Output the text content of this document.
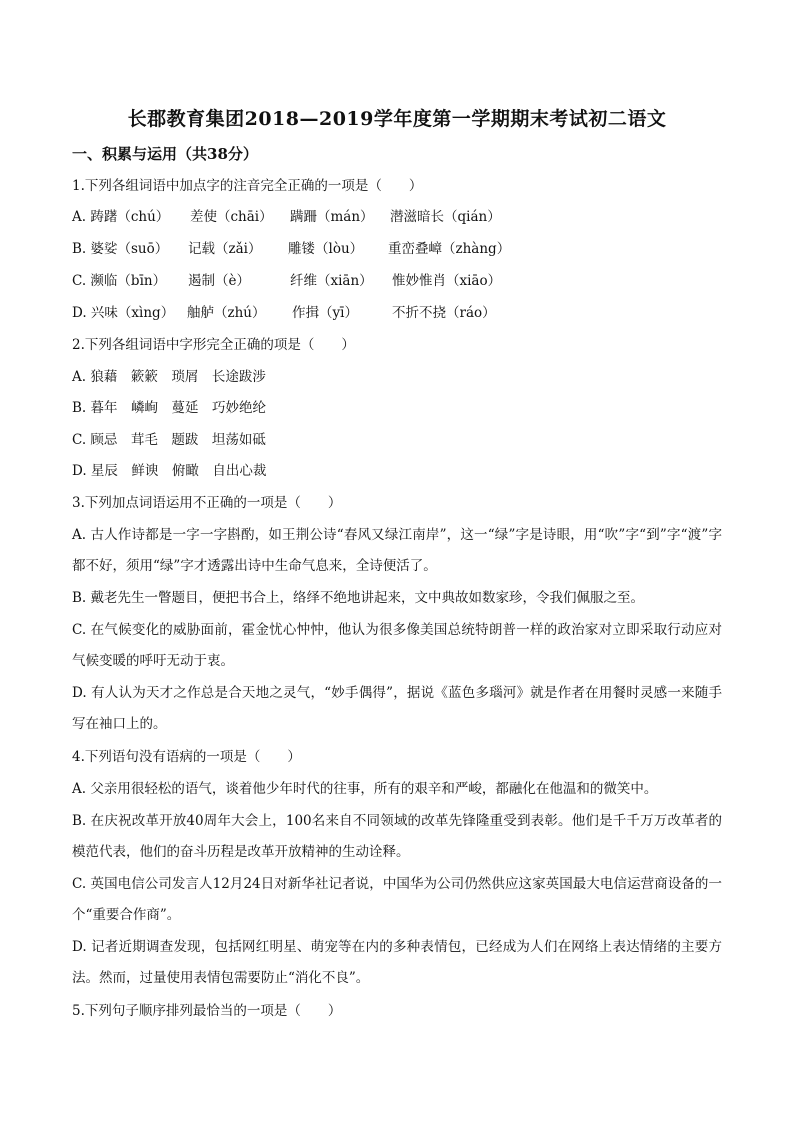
长郡教育集团2018—2019学年度第一学期期末考试初二语文
一、积累与运用（共38分）
1.下列各组词语中加点字的注音完全正确的一项是（　　）
A. 踌躇（chú） 差使（chāi） 蹒跚（mán） 潜滋暗长（qián）
B. 婆娑（suō） 记载（zǎi） 雕镂（lòu） 重峦叠嶂（zhàng）
C. 濒临（bīn） 遏制（è）	纤维（xiān） 惟妙惟肖（xiāo）
D. 兴味（xìng） 舳舻（zhú） 作揖（yī）	不折不挠（ráo）
2.下列各组词语中字形完全正确的项是（　　）
A. 狼藉　簌簌　琐屑　长途跋涉
B. 暮年　嶙峋　蔓延　巧妙绝纶
C. 顾忌　茸毛　题跋　坦荡如砥
D. 星辰　鲜谀　俯瞰　自出心裁
3.下列加点词语运用不正确的一项是（　　）
A. 古人作诗都是一字一字斟酌，如王荆公诗“春风又绿江南岸”，这一“绿”字是诗眼，用“吹”字“到”字“渡”字都不好，须用“绿”字才透露出诗中生命气息来，全诗便活了。
B. 戴老先生一瞥题目，便把书合上，络绎不绝地讲起来，文中典故如数家珍，令我们佩服之至。
C. 在气候变化的威胁面前，霍金忧心忡忡，他认为很多像美国总统特朗普一样的政治家对立即采取行动应对气候变暖的呼吁无动于衷。
D. 有人认为天才之作总是合天地之灵气，“妙手偶得”，据说《蓝色多瑙河》就是作者在用餐时灵感一来随手写在袖口上的。
4.下列语句没有语病的一项是（　　）
A. 父亲用很轻松的语气，谈着他少年时代的往事，所有的艰辛和严峻，都融化在他温和的微笑中。
B. 在庆祝改革开放40周年大会上，100名来自不同领域的改革先锋隆重受到表彰。他们是千千万万改革者的模范代表，他们的奋斗历程是改革开放精神的生动诠释。
C. 英国电信公司发言人12月24日对新华社记者说，中国华为公司仍然供应这家英国最大电信运营商设备的一个“重要合作商”。
D. 记者近期调查发现，包括网红明星、萌宠等在内的多种表情包，已经成为人们在网络上表达情绪的主要方法。然而，过量使用表情包需要防止“消化不良”。
5.下列句子顺序排列最恰当的一项是（　　）
